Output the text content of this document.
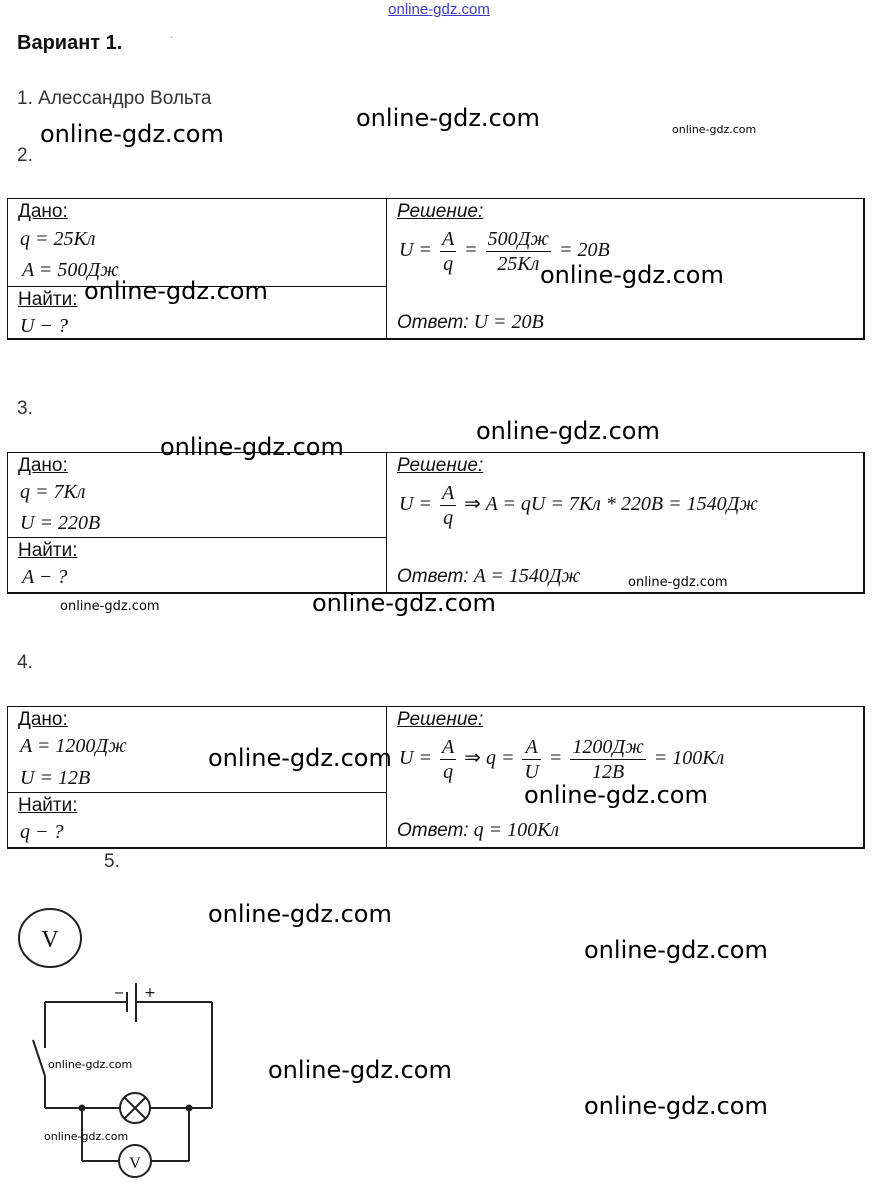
online-gdz.com
Вариант 1.	-
1. Алессандро Вольта
2.
Дано:
q = 25Кл
A = 500Дж
Найти:
U − ?
Решение:
$U = \frac{A}{q} = \frac{500Дж}{25Кл} = 20B$
Ответ: U = 20B
3.
Дано:
q = 7Кл
U = 220B
Найти:
A − ?
Решение:
$U = \frac{A}{q}$ ⇒ A = qU = 7Кл * 220B = 1540Дж
Ответ: A = 1540Дж
4.
Дано:
A = 1200Дж
U = 12B
Найти:
q − ?
Решение:
$U = \frac{A}{q}$ ⇒ $q = \frac{A}{U} = \frac{1200Дж}{12B} = 100Кл$
Ответ: q = 100Кл
5.
V
− +
V
online-gdz.com
online-gdz.com	online-gdz.com
online-gdz.com
online-gdz.com
online-gdz.com
online-gdz.com
online-gdz.com
online-gdz.com
online-gdz.com
online-gdz.com
online-gdz.com
online-gdz.com
online-gdz.com
online-gdz.com
online-gdz.com
online-gdz.com
online-gdz.com
